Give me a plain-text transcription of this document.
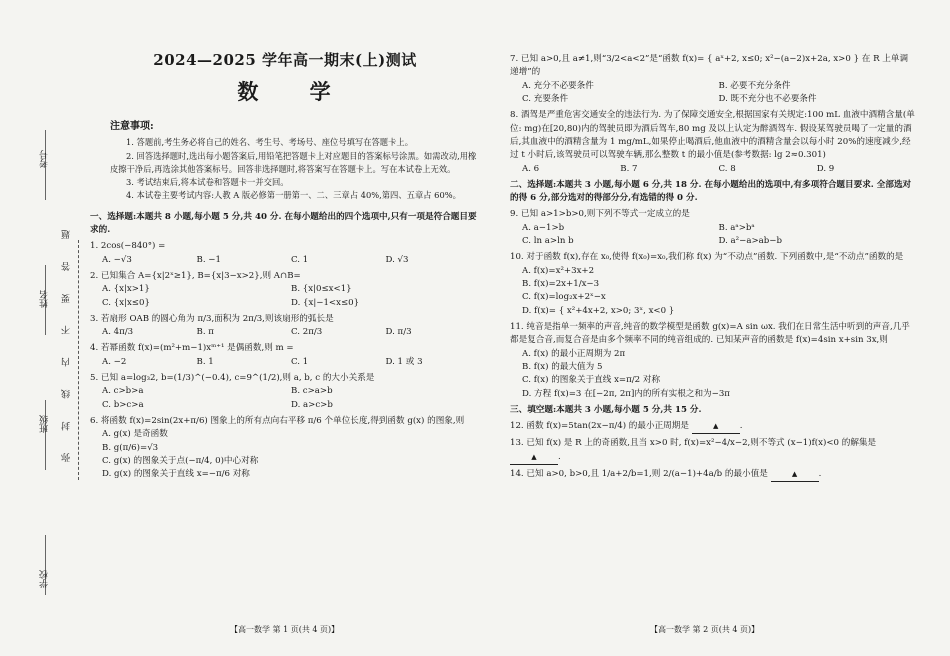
考号
姓名
班级
学校
弥 封 线 内 不 要 答 题
2024—2025 学年高一期末(上)测试
数 学
注意事项:
1. 答题前,考生务必将自己的姓名、考生号、考场号、座位号填写在答题卡上。
2. 回答选择题时,选出每小题答案后,用铅笔把答题卡上对应题目的答案标号涂黑。如需改动,用橡皮擦干净后,再选涂其他答案标号。回答非选择题时,将答案写在答题卡上。写在本试卷上无效。
3. 考试结束后,将本试卷和答题卡一并交回。
4. 本试卷主要考试内容:人教 A 版必修第一册第一、二、三章占 40%,第四、五章占 60%。
一、选择题:本题共 8 小题,每小题 5 分,共 40 分. 在每小题给出的四个选项中,只有一项是符合题目要求的.
1. 2cos(−840°) =
A. −√3	B. −1	C. 1	D. √3
2. 已知集合 A={x|2ˣ≥1}, B={x|3−x>2},则 A∩B=
A. {x|x>1}	B. {x|0≤x<1}
C. {x|x≤0}	D. {x|−1<x≤0}
3. 若扇形 OAB 的圆心角为 π/3,面积为 2π/3,则该扇形的弧长是
A. 4π/3	B. π	C. 2π/3	D. π/3
4. 若幂函数 f(x)=(m²+m−1)xᵐ⁺¹ 是偶函数,则 m =
A. −2	B. 1	C. 1	D. 1 或 3
5. 已知 a=log₃2, b=(1/3)^(−0.4), c=9^(1/2),则 a, b, c 的大小关系是
A. c>b>a	B. c>a>b
C. b>c>a	D. a>c>b
6. 将函数 f(x)=2sin(2x+π/6) 图象上的所有点向右平移 π/6 个单位长度,得到函数 g(x) 的图象,则
A. g(x) 是奇函数
B. g(π/6)=√3
C. g(x) 的图象关于点(−π/4, 0)中心对称
D. g(x) 的图象关于直线 x=−π/6 对称
【高一数学 第 1 页(共 4 页)】
7. 已知 a>0,且 a≠1,则“3/2<a<2”是“函数 f(x)= { aˣ+2, x≤0; x²−(a−2)x+2a, x>0 } 在 R 上单调递增”的
A. 充分不必要条件	B. 必要不充分条件
C. 充要条件	D. 既不充分也不必要条件
8. 酒驾是严重危害交通安全的违法行为. 为了保障交通安全,根据国家有关规定:100 mL 血液中酒精含量(单位: mg)在[20,80)内的驾驶员即为酒后驾车,80 mg 及以上认定为醉酒驾车. 假设某驾驶员喝了一定量的酒后,其血液中的酒精含量为 1 mg/mL,如果停止喝酒后,他血液中的酒精含量会以每小时 20%的速度减少,经过 t 小时后,该驾驶员可以驾驶车辆,那么整数 t 的最小值是(参考数据: lg 2≈0.301)
A. 6	B. 7	C. 8	D. 9
二、选择题:本题共 3 小题,每小题 6 分,共 18 分. 在每小题给出的选项中,有多项符合题目要求. 全部选对的得 6 分,部分选对的得部分分,有选错的得 0 分.
9. 已知 a>1>b>0,则下列不等式一定成立的是
A. a−1>b	B. aᵃ>bᵃ
C. ln a>ln b	D. a²−a>ab−b
10. 对于函数 f(x),存在 x₀,使得 f(x₀)=x₀,我们称 f(x) 为“不动点”函数. 下列函数中,是“不动点”函数的是
A. f(x)=x²+3x+2
B. f(x)=2x+1/x−3
C. f(x)=log₂x+2ˣ−x
D. f(x)= { x²+4x+2, x>0; 3ˣ, x<0 }
11. 纯音是指单一频率的声音,纯音的数学模型是函数 g(x)=A sin ωx. 我们在日常生活中听到的声音,几乎都是复合音,而复合音是由多个频率不同的纯音组成的. 已知某声音的函数是 f(x)=4sin x+sin 3x,则
A. f(x) 的最小正周期为 2π
B. f(x) 的最大值为 5
C. f(x) 的图象关于直线 x=π/2 对称
D. 方程 f(x)=3 在[−2π, 2π]内的所有实根之和为−3π
三、填空题:本题共 3 小题,每小题 5 分,共 15 分.
12. 函数 f(x)=5tan(2x−π/4) 的最小正周期是	▲ .
13. 已知 f(x) 是 R 上的奇函数,且当 x>0 时, f(x)=x²−4/x−2,则不等式 (x−1)f(x)<0 的解集是 ▲ .
14. 已知 a>0, b>0,且 1/a+2/b=1,则 2/(a−1)+4a/b 的最小值是	▲ .
【高一数学 第 2 页(共 4 页)】
